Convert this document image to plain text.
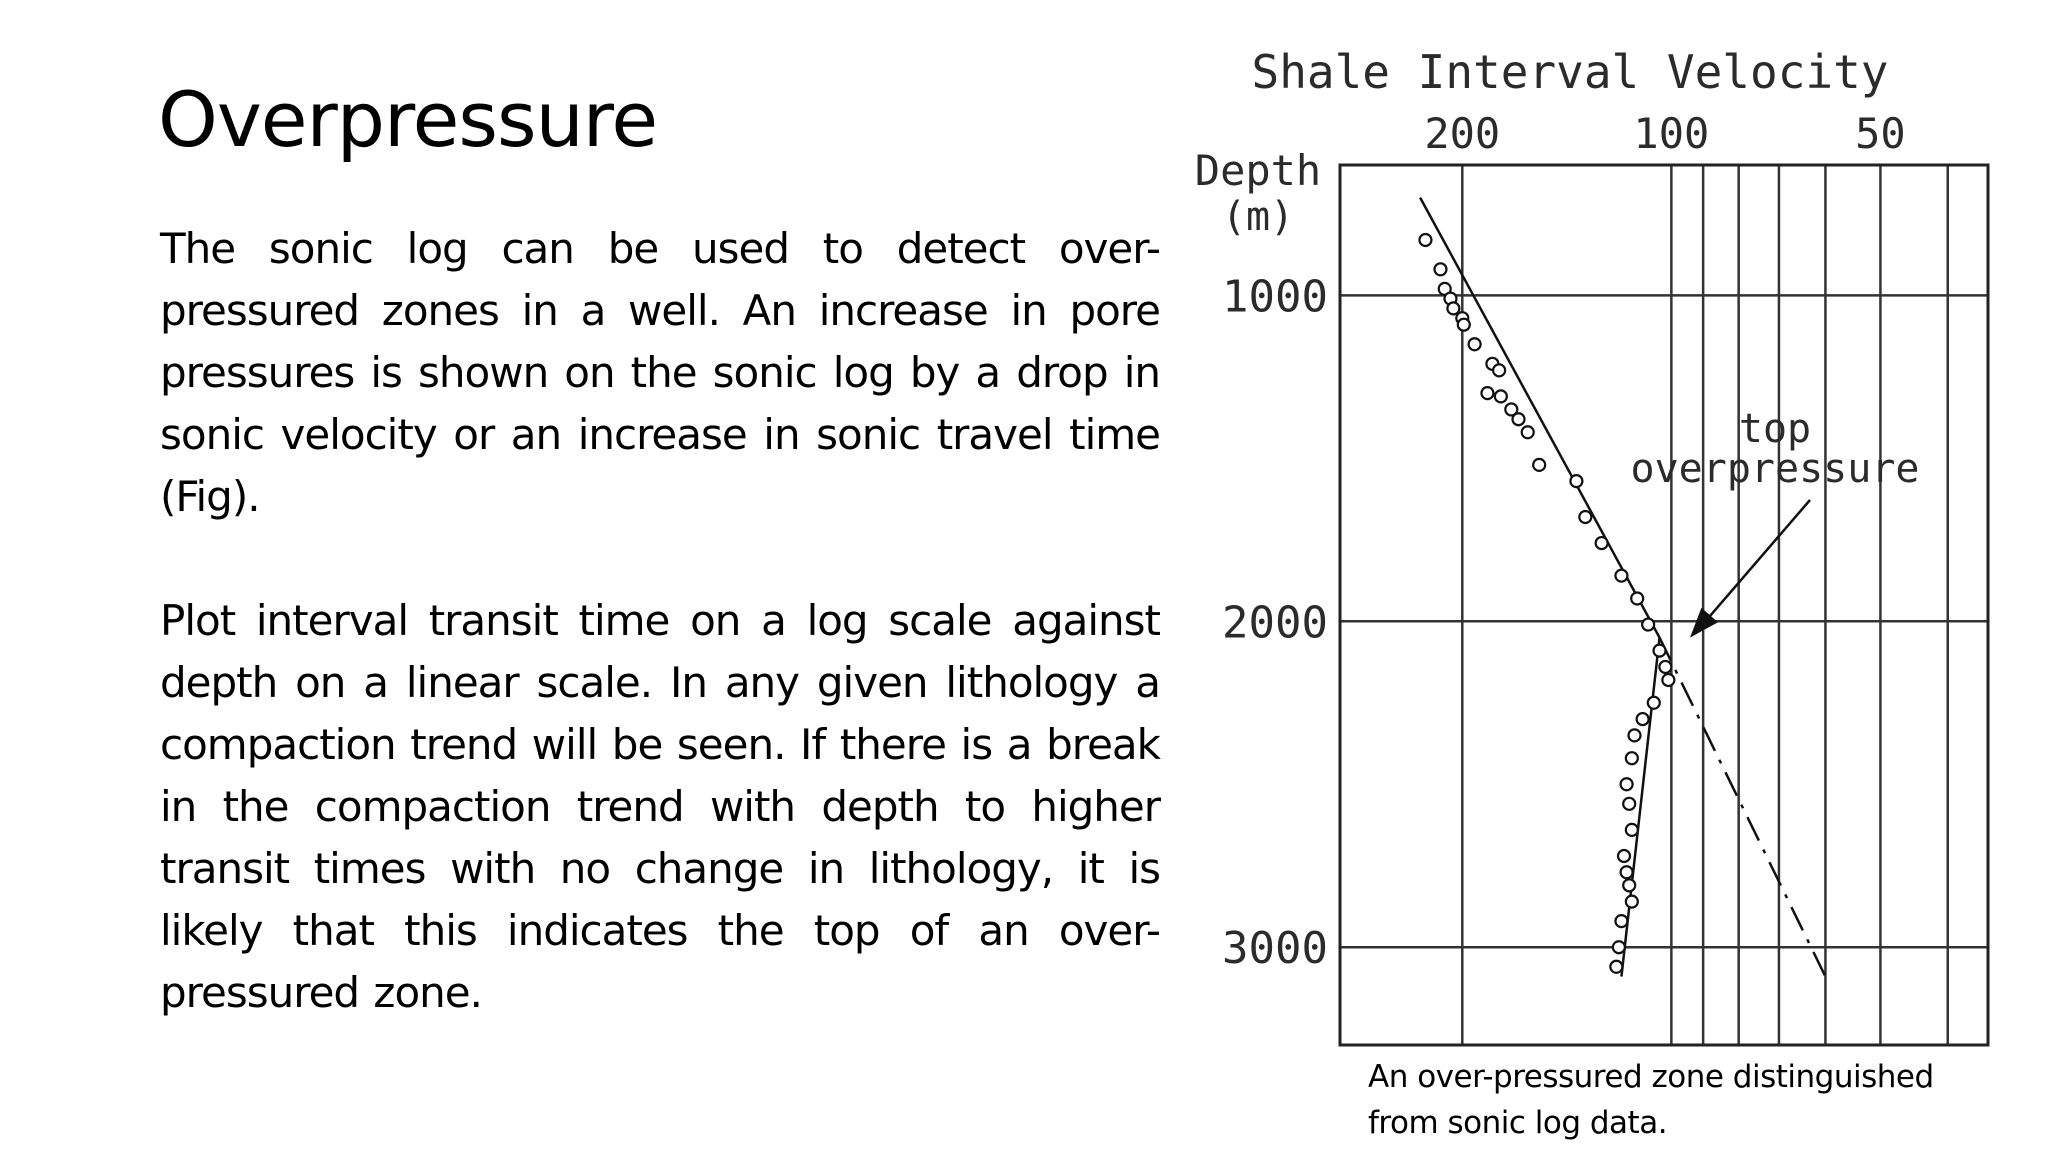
Overpressure

The sonic log can be used to detect over-pressured zones in a well. An increase in pore pressures is shown on the sonic log by a drop in sonic velocity or an increase in sonic travel time (Fig).

Plot interval transit time on a log scale against depth on a linear scale. In any given lithology a compaction trend will be seen. If there is a break in the compaction trend with depth to higher transit times with no change in lithology, it is likely that this indicates the top of an over-pressured zone.

Shale Interval Velocity
Depth
(m)
200	100	50
1000
2000
3000
top
overpressure

An over-pressured zone distinguished from sonic log data.
